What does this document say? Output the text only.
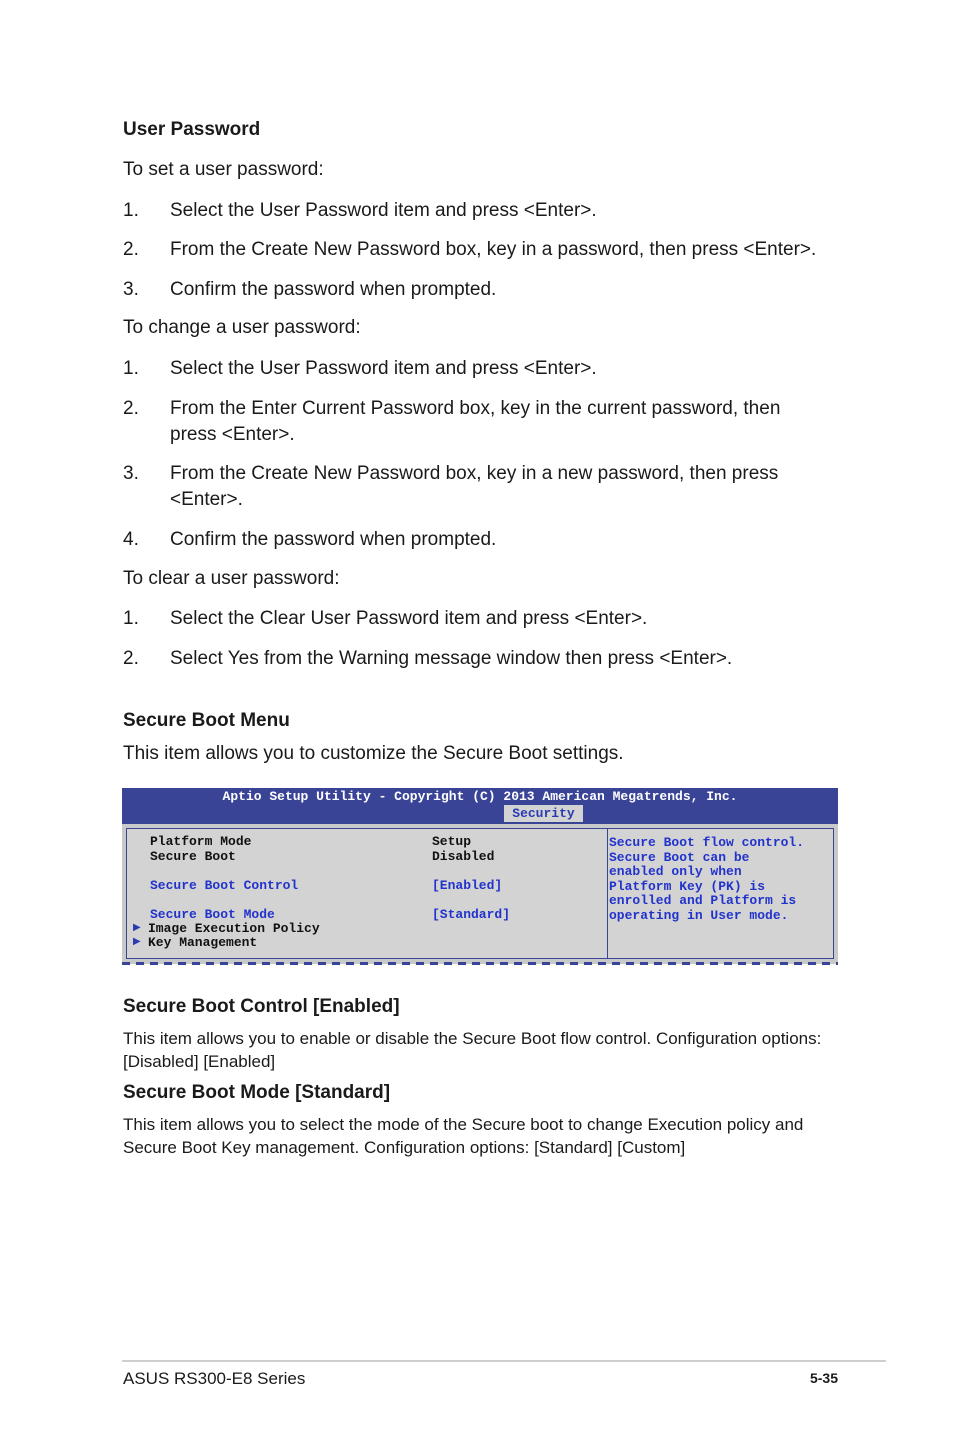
User Password
To set a user password:
1. Select the User Password item and press <Enter>.
2. From the Create New Password box, key in a password, then press <Enter>.
3. Confirm the password when prompted.
To change a user password:
1. Select the User Password item and press <Enter>.
2. From the Enter Current Password box, key in the current password, then press <Enter>.
3. From the Create New Password box, key in a new password, then press <Enter>.
4. Confirm the password when prompted.
To clear a user password:
1. Select the Clear User Password item and press <Enter>.
2. Select Yes from the Warning message window then press <Enter>.
Secure Boot Menu
This item allows you to customize the Secure Boot settings.
Aptio Setup Utility - Copyright (C) 2013 American Megatrends, Inc.
Security
Platform Mode	Setup
Secure Boot	Disabled
Secure Boot Control	[Enabled]
Secure Boot Mode	[Standard]
▶ Image Execution Policy
▶ Key Management
Secure Boot flow control.
Secure Boot can be
enabled only when
Platform Key (PK) is
enrolled and Platform is
operating in User mode.
Secure Boot Control [Enabled]
This item allows you to enable or disable the Secure Boot flow control. Configuration options: [Disabled] [Enabled]
Secure Boot Mode [Standard]
This item allows you to select the mode of the Secure boot to change Execution policy and Secure Boot Key management. Configuration options: [Standard] [Custom]
ASUS RS300-E8 Series	5-35
